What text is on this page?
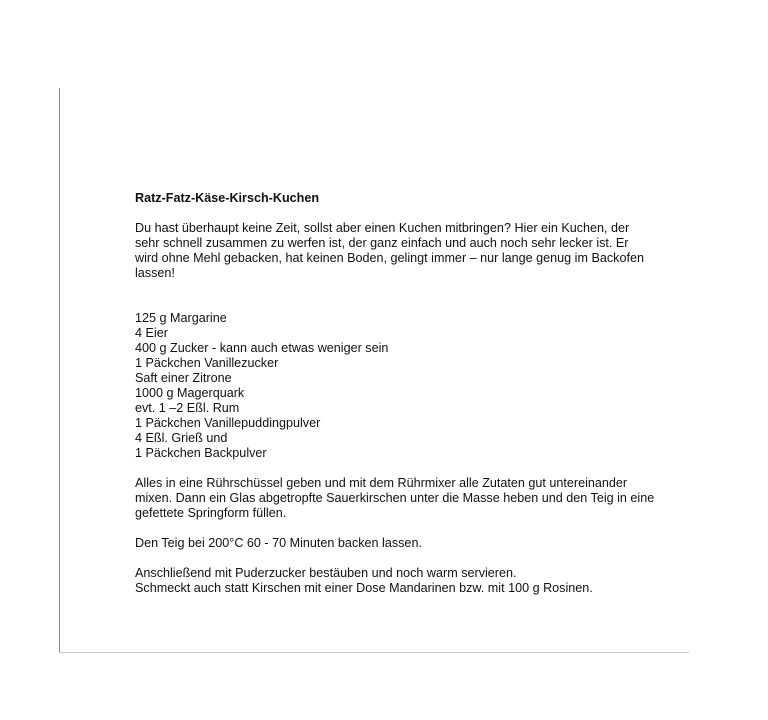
Ratz-Fatz-Käse-Kirsch-Kuchen

Du hast überhaupt keine Zeit, sollst aber einen Kuchen mitbringen? Hier ein Kuchen, der sehr schnell zusammen zu werfen ist, der ganz einfach und auch noch sehr lecker ist. Er wird ohne Mehl gebacken, hat keinen Boden, gelingt immer – nur lange genug im Backofen lassen!

125 g Margarine
4 Eier
400 g Zucker - kann auch etwas weniger sein
1 Päckchen Vanillezucker
Saft einer Zitrone
1000 g Magerquark
evt. 1 –2 Eßl. Rum
1 Päckchen Vanillepuddingpulver
4 Eßl. Grieß und
1 Päckchen Backpulver

Alles in eine Rührschüssel geben und mit dem Rührmixer alle Zutaten gut untereinander mixen. Dann ein Glas abgetropfte Sauerkirschen unter die Masse heben und den Teig in eine gefettete Springform füllen.

Den Teig bei 200°C 60 - 70 Minuten backen lassen.

Anschließend mit Puderzucker bestäuben und noch warm servieren.

Schmeckt auch statt Kirschen mit einer Dose Mandarinen bzw. mit 100 g Rosinen.
